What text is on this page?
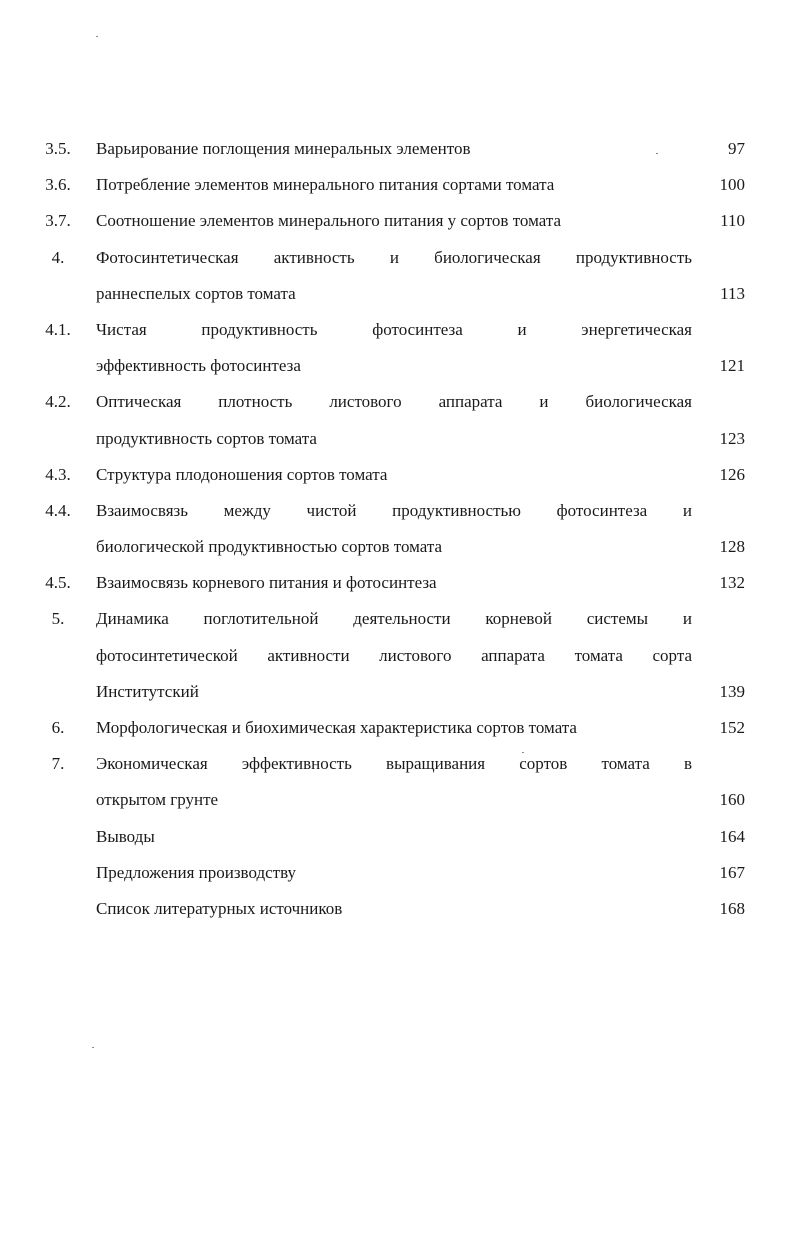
3.5.	Варьирование поглощения минеральных элементов	97
3.6.	Потребление элементов минерального питания сортами томата	100
3.7.	Соотношение элементов минерального питания у сортов томата	110
4.	Фотосинтетическая активность и биологическая продуктивность
раннеспелых сортов томата	113
4.1.	Чистая продуктивность фотосинтеза и энергетическая
эффективность фотосинтеза	121
4.2.	Оптическая плотность листового аппарата и биологическая
продуктивность сортов томата	123
4.3.	Структура плодоношения сортов томата	126
4.4.	Взаимосвязь между чистой продуктивностью фотосинтеза и
биологической продуктивностью сортов томата	128
4.5.	Взаимосвязь корневого питания и фотосинтеза	132
5.	Динамика поглотительной деятельности корневой системы и
фотосинтетической активности листового аппарата томата сорта
Институтский	139
6.	Морфологическая и биохимическая характеристика сортов томата	152
7.	Экономическая эффективность выращивания сортов томата в
открытом грунте	160
Выводы	164
Предложения производству	167
Список литературных источников	168
